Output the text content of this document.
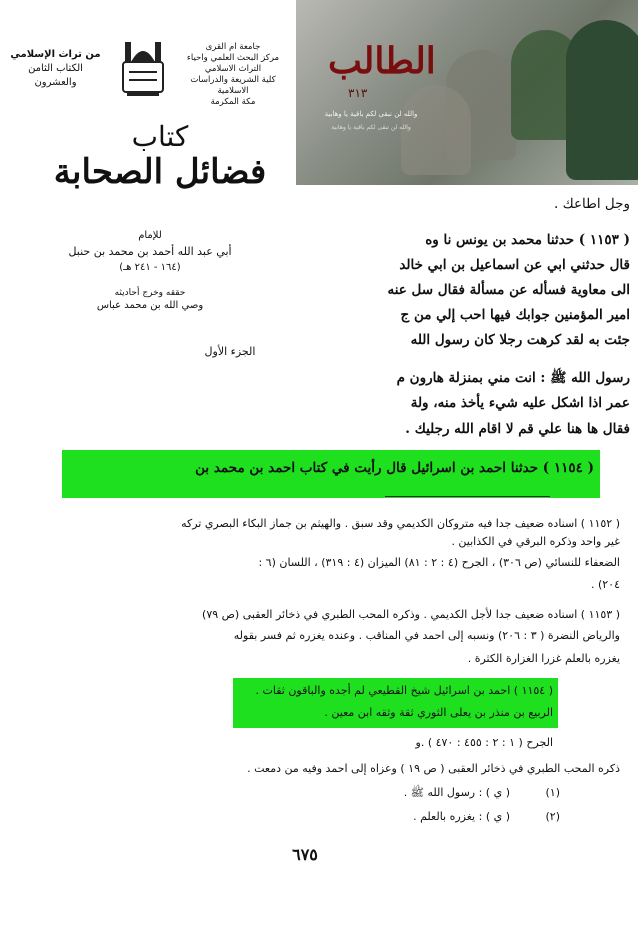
من تراث الإسلامي
الكتاب الثامن والعشرون
جامعة ام القرى
مركز البحث العلمي واحياء التراث الاسلامي
كلية الشريعة والدراسات الاسلامية
مكة المكرمة
كتاب
فضائل الصحابة
للإمام
أبي عبد الله أحمد بن محمد بن حنبل
(١٦٤ - ٢٤١ هـ)
حققه وخرج أحاديثه
وصي الله بن محمد عباس
الجزء الأول
الطالب
٣١٣
والله لن نبقى لكم باقية يا وهابية
والله لن تبقى لكم باقية يا وهابية
وجل اطاعك .
( ١١٥٣ ) حدثنا محمد بن يونس نا وه
قال حدثني ابي عن اسماعيل بن ابي خالد
الى معاوية فسأله عن مسألة فقال سل عنه
امير المؤمنين جوابك فيها احب إلي من ج
جئت به لقد كرهت رجلا كان رسول الله
رسول الله ﷺ : انت مني بمنزلة هارون م
عمر اذا اشكل عليه شيء يأخذ منه، ولة
فقال ها هنا علي قم لا اقام الله رجليك .
( ١١٥٤ ) حدثنا احمد بن اسرائيل قال رأيت في كتاب احمد بن محمد بن
( ١١٥٢ ) اسناده ضعيف جدا فيه متروكان الكديمي وقد سبق . والهيثم بن جماز البكاء البصري تركه
غير واحد وذكره البرقي في الكذابين .
الضعفاء للنسائي (ص ٣٠٦) ، الجرح (٤ : ٢ : ٨١) الميزان (٤ : ٣١٩) ، اللسان (٦ :
٢٠٤) .
( ١١٥٣ ) اسناده ضعيف جدا لأجل الكديمي . وذكره المحب الطبري في ذخائر العقبى (ص ٧٩)
والرياض النضرة ( ٣ : ٢٠٦) ونسبه إلى احمد في المناقب . وعنده يغزره ثم فسر بقوله
يغزره بالعلم غزرا الغزارة الكثرة .
( ١١٥٤ ) احمد بن اسرائيل شيخ القطيعي لم أجده والباقون ثقات .
الربيع بن منذر بن يعلى الثوري ثقة وثقه ابن معين .
الجرح ( ١ : ٢ : ٤٥٥ : ٤٧٠ ) .و
ذكره المحب الطبري في ذخائر العقبى ( ص ١٩ ) وعزاه إلى احمد وفيه من دمعت .
(١)
( ي ) : رسول الله ﷺ .
(٢)
( ي ) : يغزره بالعلم .
٦٧٥
